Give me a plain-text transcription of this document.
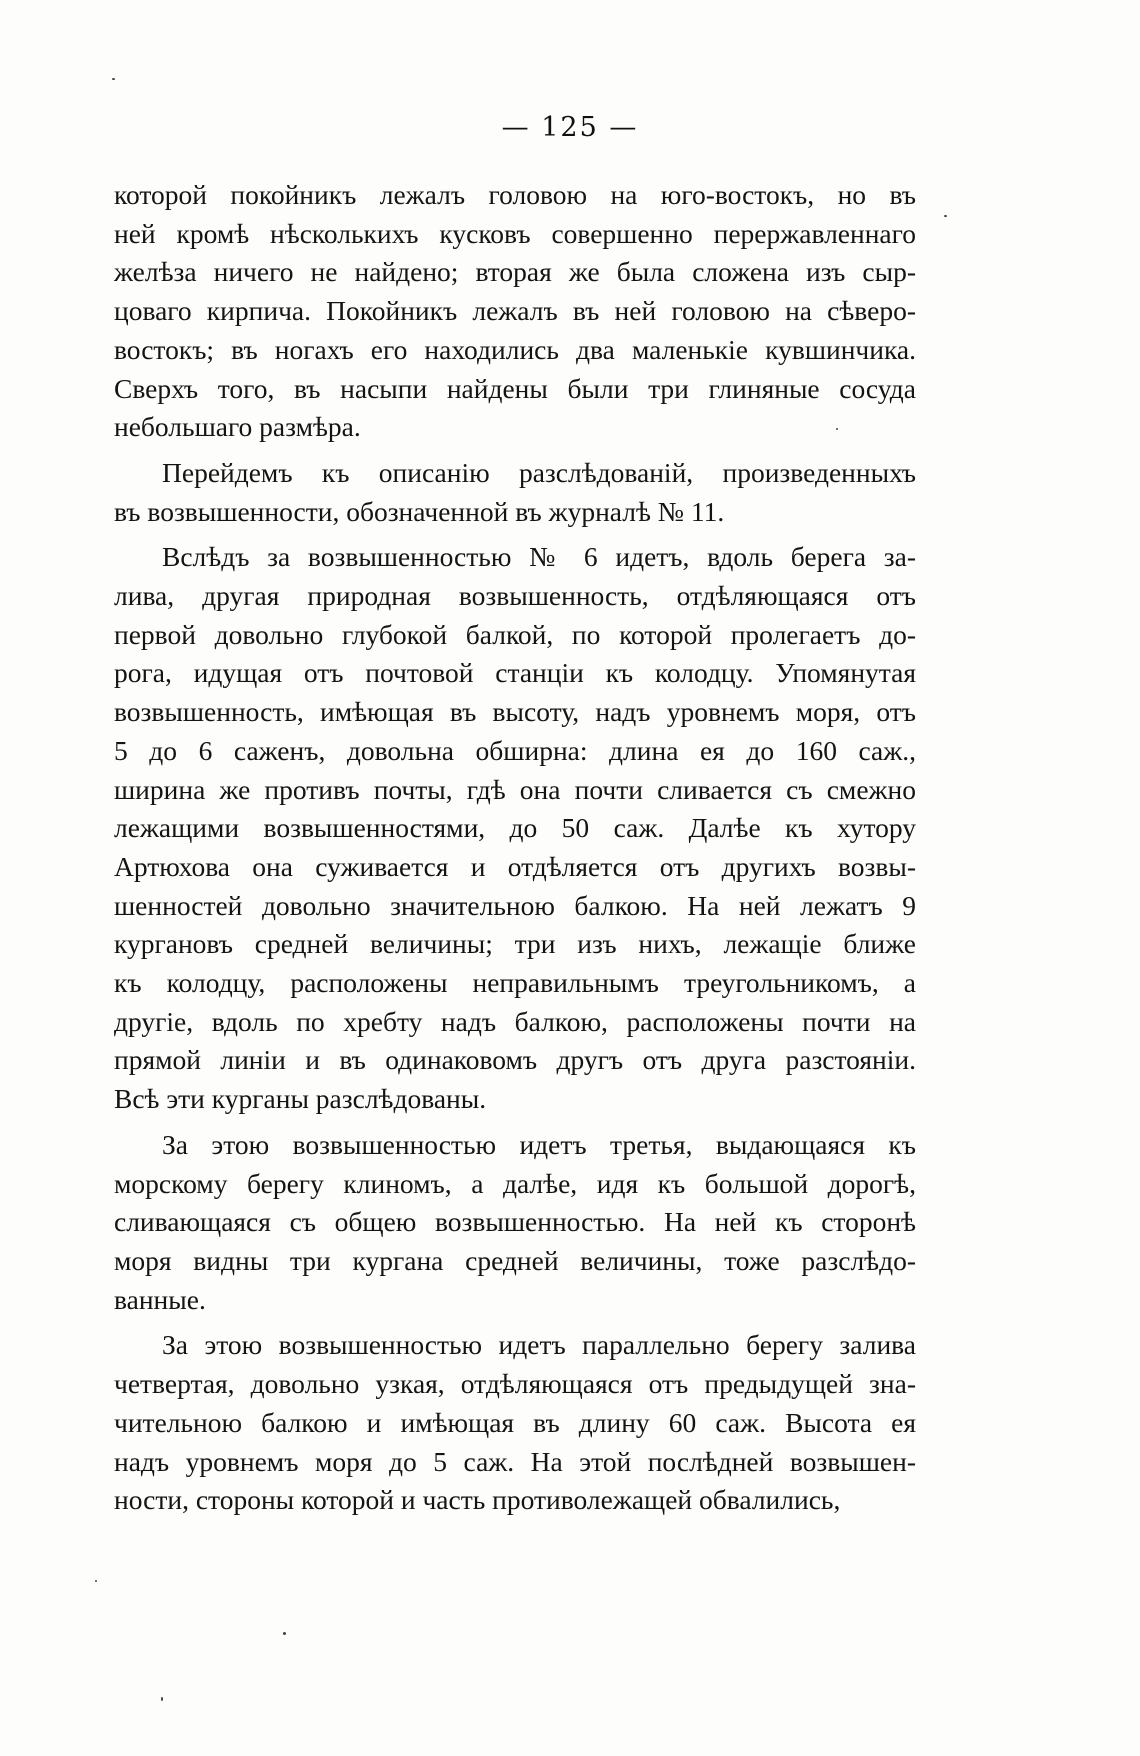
— 125 —
которой покойникъ лежалъ головою на юго-востокъ, но въ
ней кромѣ нѣсколькихъ кусковъ совершенно перержавленнаго
желѣза ничего не найдено; вторая же была сложена изъ сыр-
цоваго кирпича. Покойникъ лежалъ въ ней головою на сѣверо-
востокъ; въ ногахъ его находились два маленькіе кувшинчика.
Сверхъ того, въ насыпи найдены были три глиняные сосуда
небольшаго размѣра.
Перейдемъ къ описанію разслѣдованій, произведенныхъ
въ возвышенности, обозначенной въ журналѣ № 11.
Вслѣдъ за возвышенностью № 6 идетъ, вдоль берега за-
лива, другая природная возвышенность, отдѣляющаяся отъ
первой довольно глубокой балкой, по которой пролегаетъ до-
рога, идущая отъ почтовой станціи къ колодцу. Упомянутая
возвышенность, имѣющая въ высоту, надъ уровнемъ моря, отъ
5 до 6 саженъ, довольна обширна: длина ея до 160 саж.,
ширина же противъ почты, гдѣ она почти сливается съ смежно
лежащими возвышенностями, до 50 саж. Далѣе къ хутору
Артюхова она суживается и отдѣляется отъ другихъ возвы-
шенностей довольно значительною балкою. На ней лежатъ 9
кургановъ средней величины; три изъ нихъ, лежащіе ближе
къ колодцу, расположены неправильнымъ треугольникомъ, а
другіе, вдоль по хребту надъ балкою, расположены почти на
прямой линіи и въ одинаковомъ другъ отъ друга разстояніи.
Всѣ эти курганы разслѣдованы.
За этою возвышенностью идетъ третья, выдающаяся къ
морскому берегу клиномъ, а далѣе, идя къ большой дорогѣ,
сливающаяся съ общею возвышенностью. На ней къ сторонѣ
моря видны три кургана средней величины, тоже разслѣдо-
ванные.
За этою возвышенностью идетъ параллельно берегу залива
четвертая, довольно узкая, отдѣляющаяся отъ предыдущей зна-
чительною балкою и имѣющая въ длину 60 саж. Высота ея
надъ уровнемъ моря до 5 саж. На этой послѣдней возвышен-
ности, стороны которой и часть противолежащей обвалились,
